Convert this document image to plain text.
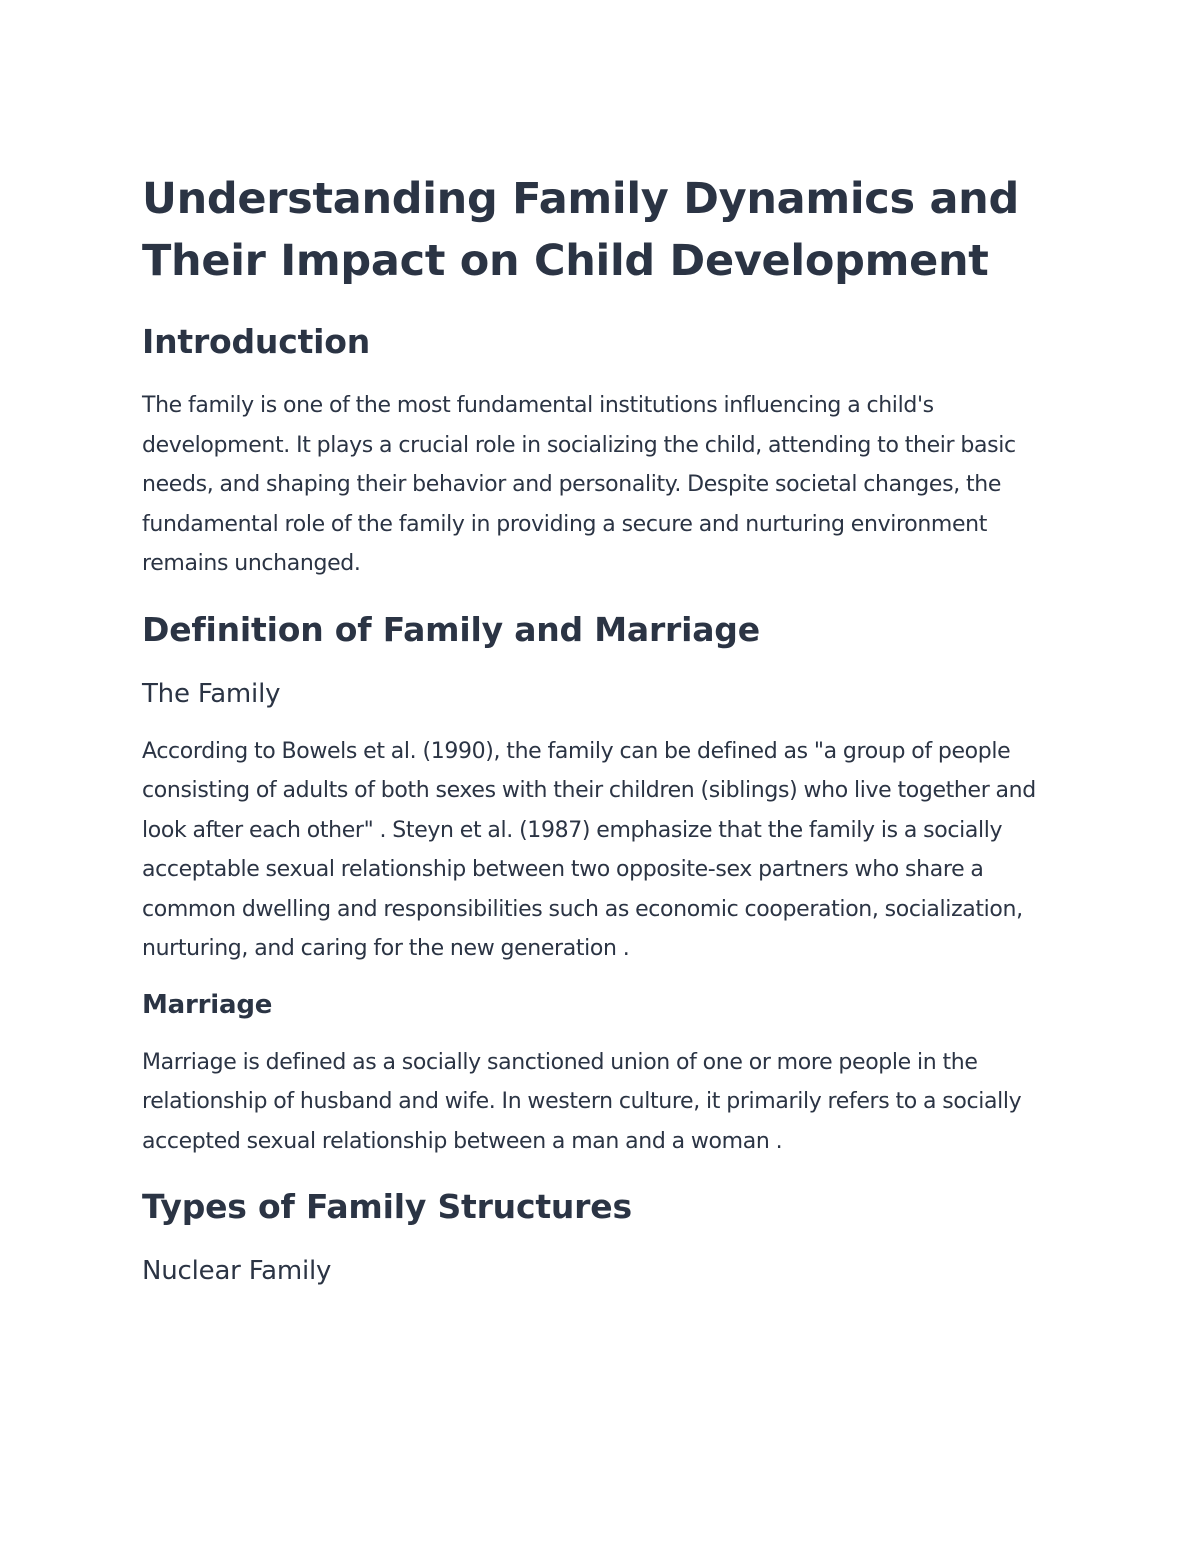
Understanding Family Dynamics and Their Impact on Child Development
Introduction

The family is one of the most fundamental institutions influencing a child's development. It plays a crucial role in socializing the child, attending to their basic needs, and shaping their behavior and personality. Despite societal changes, the fundamental role of the family in providing a secure and nurturing environment remains unchanged.

Definition of Family and Marriage
The Family

According to Bowels et al. (1990), the family can be defined as "a group of people consisting of adults of both sexes with their children (siblings) who live together and look after each other" . Steyn et al. (1987) emphasize that the family is a socially acceptable sexual relationship between two opposite-sex partners who share a common dwelling and responsibilities such as economic cooperation, socialization, nurturing, and caring for the new generation .

Marriage

Marriage is defined as a socially sanctioned union of one or more people in the relationship of husband and wife. In western culture, it primarily refers to a socially accepted sexual relationship between a man and a woman .

Types of Family Structures
Nuclear Family
